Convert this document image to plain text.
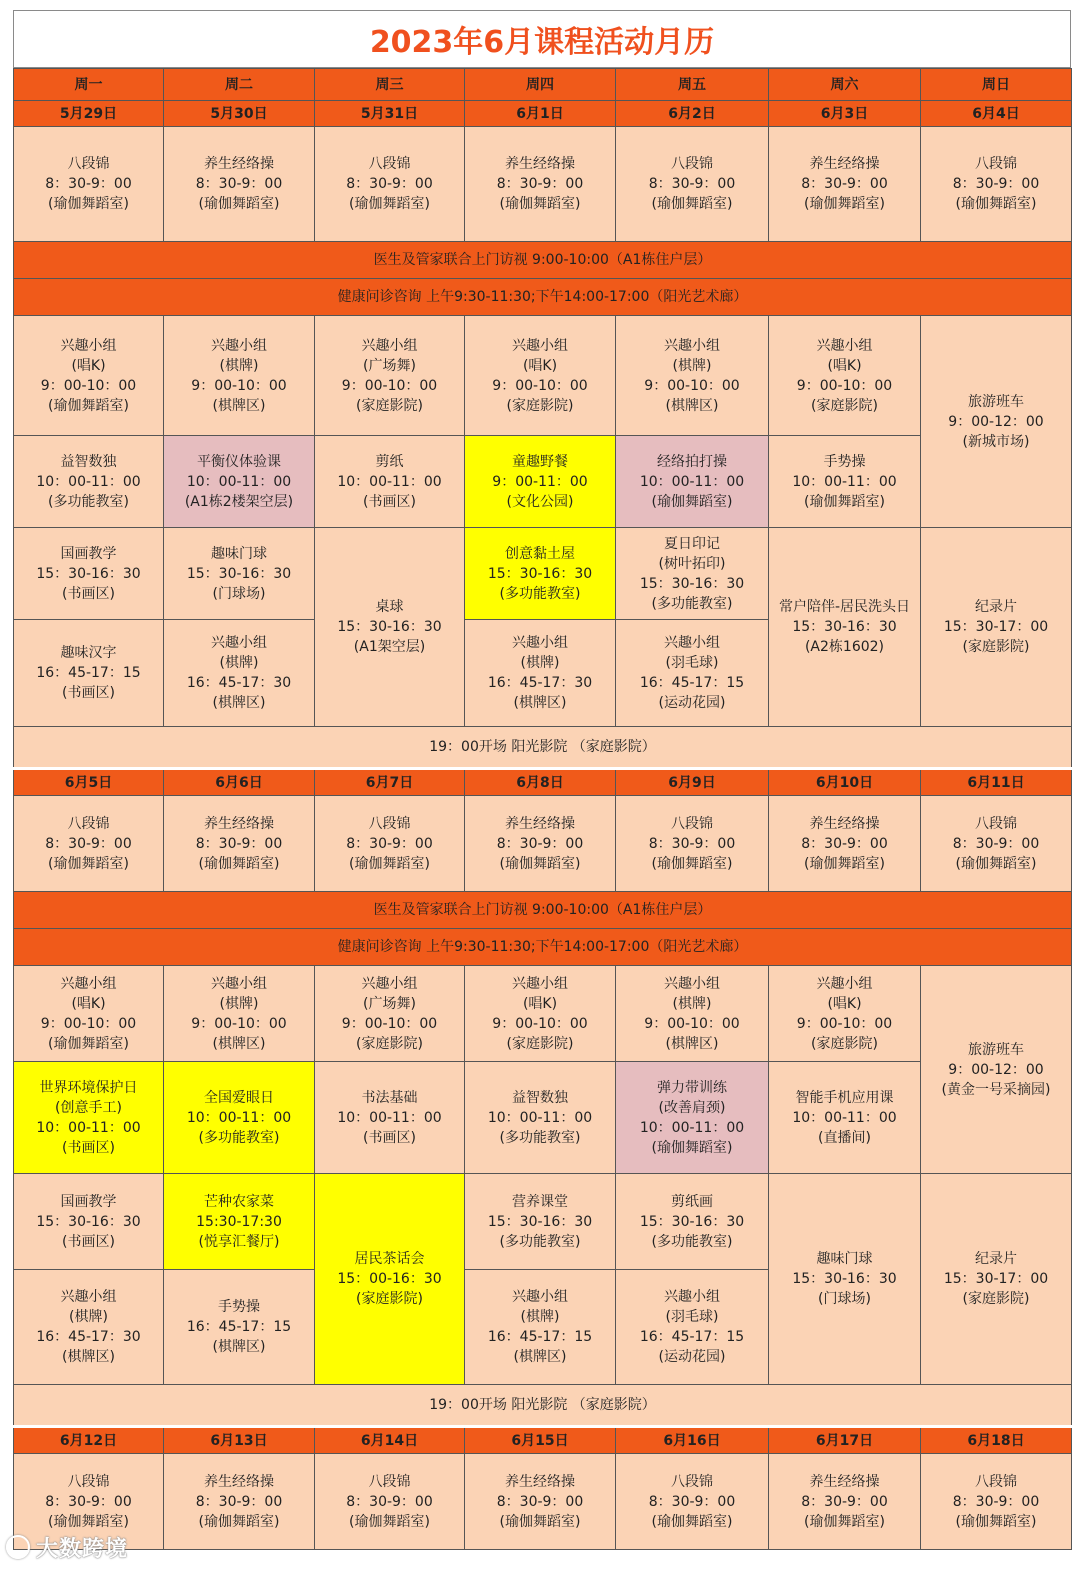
2023年6月课程活动月历
周一	周二	周三	周四	周五	周六	周日
5月29日	5月30日	5月31日	6月1日	6月2日	6月3日	6月4日

八段锦
8：30-9：00
(瑜伽舞蹈室)	养生经络操
8：30-9：00
(瑜伽舞蹈室)	八段锦
8：30-9：00
(瑜伽舞蹈室)	养生经络操
8：30-9：00
(瑜伽舞蹈室)	八段锦
8：30-9：00
(瑜伽舞蹈室)	养生经络操
8：30-9：00
(瑜伽舞蹈室)	八段锦
8：30-9：00
(瑜伽舞蹈室)

医生及管家联合上门访视 9:00-10:00（A1栋住户层）						
健康问诊咨询 上午9:30-11:30;下午14:00-17:00（阳光艺术廊）						

兴趣小组
(唱K)
9：00-10：00
(瑜伽舞蹈室)	兴趣小组
(棋牌)
9：00-10：00
(棋牌区)	兴趣小组
(广场舞)
9：00-10：00
(家庭影院)	兴趣小组
(唱K)
9：00-10：00
(家庭影院)	兴趣小组
(棋牌)
9：00-10：00
(棋牌区)	兴趣小组
(唱K)
9：00-10：00
(家庭影院)	旅游班车
9：00-12：00
(新城市场)

益智数独
10：00-11：00
(多功能教室)	平衡仪体验课
10：00-11：00
(A1栋2楼架空层)	剪纸
10：00-11：00
(书画区)	童趣野餐
9：00-11：00
(文化公园)	经络拍打操
10：00-11：00
(瑜伽舞蹈室)	手势操
10：00-11：00
(瑜伽舞蹈室)	

国画教学
15：30-16：30
(书画区)	趣味门球
15：30-16：30
(门球场)	桌球
15：30-16：30
(A1架空层)	创意黏土屋
15：30-16：30
(多功能教室)	夏日印记
(树叶拓印)
15：30-16：30
(多功能教室)	常户陪伴-居民洗头日
15：30-16：30
(A2栋1602)	纪录片
15：30-17：00
(家庭影院)

趣味汉字
16：45-17：15
(书画区)	兴趣小组
(棋牌)
16：45-17：30
(棋牌区)		兴趣小组
(棋牌)
16：45-17：30
(棋牌区)	兴趣小组
(羽毛球)
16：45-17：15
(运动花园)		

19：00开场 阳光影院 （家庭影院）						
6月5日	6月6日	6月7日	6月8日	6月9日	6月10日	6月11日

八段锦
8：30-9：00
(瑜伽舞蹈室)	养生经络操
8：30-9：00
(瑜伽舞蹈室)	八段锦
8：30-9：00
(瑜伽舞蹈室)	养生经络操
8：30-9：00
(瑜伽舞蹈室)	八段锦
8：30-9：00
(瑜伽舞蹈室)	养生经络操
8：30-9：00
(瑜伽舞蹈室)	八段锦
8：30-9：00
(瑜伽舞蹈室)

医生及管家联合上门访视 9:00-10:00（A1栋住户层）						
健康问诊咨询 上午9:30-11:30;下午14:00-17:00（阳光艺术廊）						

兴趣小组
(唱K)
9：00-10：00
(瑜伽舞蹈室)	兴趣小组
(棋牌)
9：00-10：00
(棋牌区)	兴趣小组
(广场舞)
9：00-10：00
(家庭影院)	兴趣小组
(唱K)
9：00-10：00
(家庭影院)	兴趣小组
(棋牌)
9：00-10：00
(棋牌区)	兴趣小组
(唱K)
9：00-10：00
(家庭影院)	旅游班车
9：00-12：00
(黄金一号采摘园)

世界环境保护日
(创意手工)
10：00-11：00
(书画区)	全国爱眼日
10：00-11：00
(多功能教室)	书法基础
10：00-11：00
(书画区)	益智数独
10：00-11：00
(多功能教室)	弹力带训练
(改善肩颈)
10：00-11：00
(瑜伽舞蹈室)	智能手机应用课
10：00-11：00
(直播间)	

国画教学
15：30-16：30
(书画区)	芒种农家菜
15:30-17:30
(悦享汇餐厅)	居民茶话会
15：00-16：30
(家庭影院)	营养课堂
15：30-16：30
(多功能教室)	剪纸画
15：30-16：30
(多功能教室)	趣味门球
15：30-16：30
(门球场)	纪录片
15：30-17：00
(家庭影院)

兴趣小组
(棋牌)
16：45-17：30
(棋牌区)	手势操
16：45-17：15
(棋牌区)		兴趣小组
(棋牌)
16：45-17：15
(棋牌区)	兴趣小组
(羽毛球)
16：45-17：15
(运动花园)		

19：00开场 阳光影院 （家庭影院）						
6月12日	6月13日	6月14日	6月15日	6月16日	6月17日	6月18日

八段锦
8：30-9：00
(瑜伽舞蹈室)	养生经络操
8：30-9：00
(瑜伽舞蹈室)	八段锦
8：30-9：00
(瑜伽舞蹈室)	养生经络操
8：30-9：00
(瑜伽舞蹈室)	八段锦
8：30-9：00
(瑜伽舞蹈室)	养生经络操
8：30-9：00
(瑜伽舞蹈室)	八段锦
8：30-9：00
(瑜伽舞蹈室)
大数跨境
